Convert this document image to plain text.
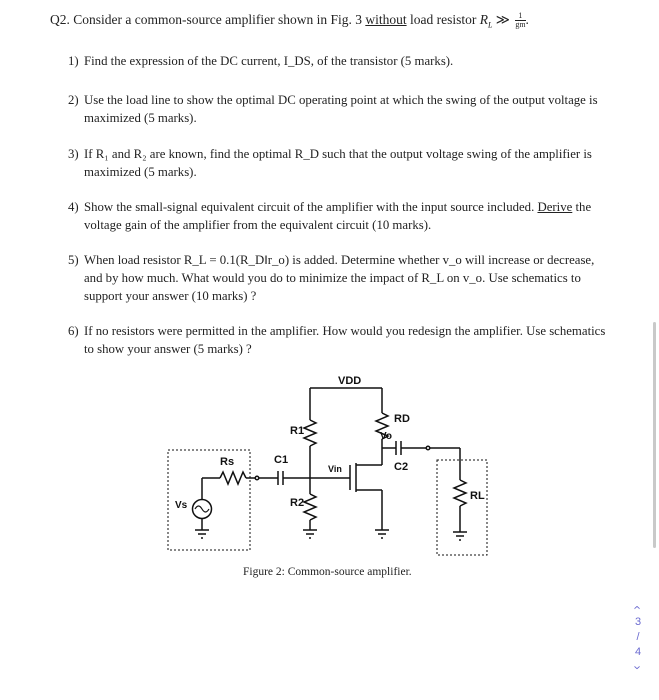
Q2. Consider a common-source amplifier shown in Fig. 3 without load resistor $R_L$ ≫ $\frac{1}{gm}$ .
1) Find the expression of the DC current, I_DS, of the transistor (5 marks).
2) Use the load line to show the optimal DC operating point at which the swing of the output voltage is maximized (5 marks).
3) If R₁ and R₂ are known, find the optimal R_D such that the output voltage swing of the amplifier is maximized (5 marks).
4) Show the small-signal equivalent circuit of the amplifier with the input source included. Derive the voltage gain of the amplifier from the equivalent circuit (10 marks).
5) When load resistor R_L = 0.1(R_D‖r_o) is added. Determine whether v_o will increase or decrease, and by how much. What would you do to minimize the impact of R_L on v_o. Use schematics to support your answer (10 marks) ?
6) If no resistors were permitted in the amplifier. How would you redesign the amplifier. Use schematics to show your answer (5 marks) ?
VDD
R1
R2
RD
Vo
Vin	C2
RL
Rs	C1
Vs
Figure 2: Common-source amplifier.
‹
3
/
4
›
